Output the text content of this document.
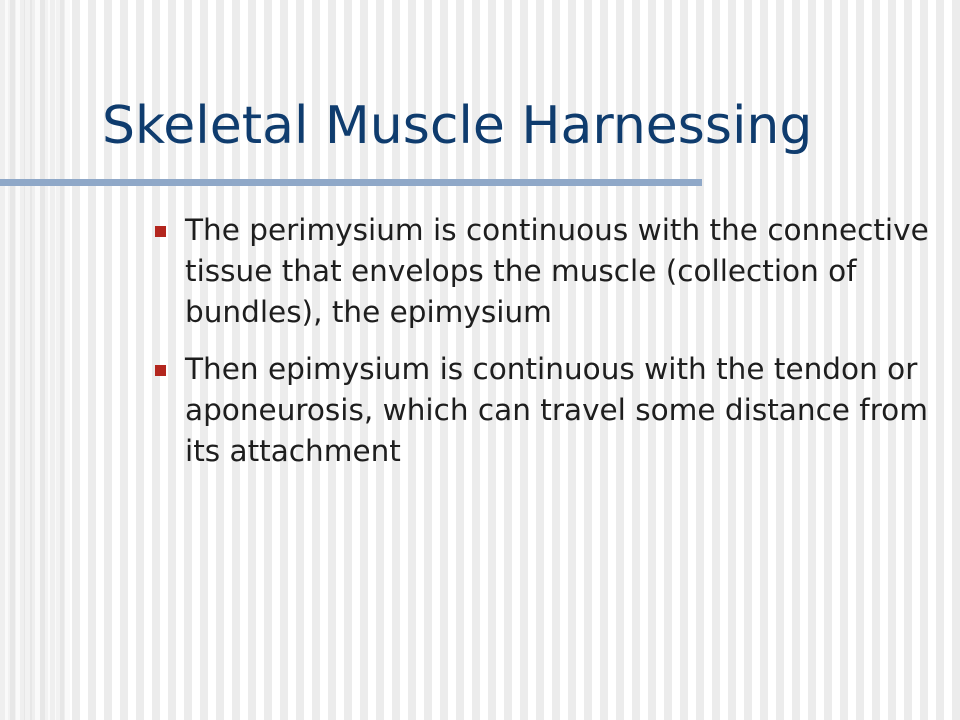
Skeletal Muscle Harnessing
The perimysium is continuous with the connective tissue that envelops the muscle (collection of bundles), the epimysium
Then epimysium is continuous with the tendon or aponeurosis, which can travel some distance from its attachment
